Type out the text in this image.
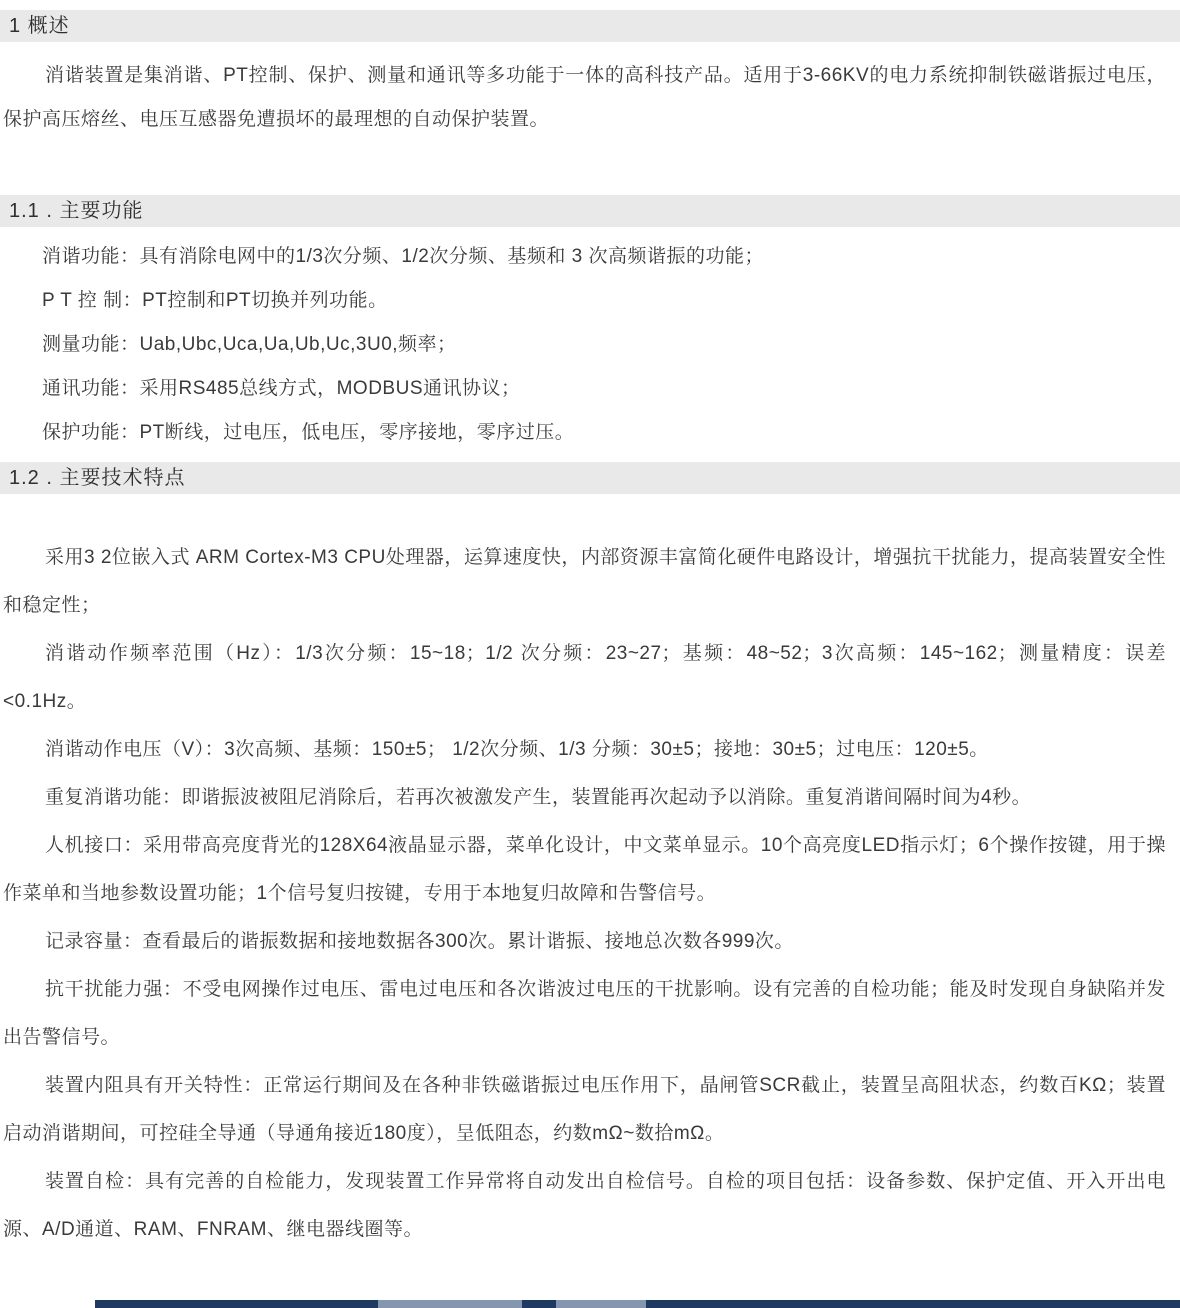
1 概述

消谐装置是集消谐、PT控制、保护、测量和通讯等多功能于一体的高科技产品。适用于3-66KV的电力系统抑制铁磁谐振过电压，保护高压熔丝、电压互感器免遭损坏的最理想的自动保护装置。

1.1 . 主要功能

消谐功能：具有消除电网中的1/3次分频、1/2次分频、基频和 3 次高频谐振的功能；

P T 控 制：PT控制和PT切换并列功能。

测量功能：Uab,Ubc,Uca,Ua,Ub,Uc,3U0,频率；

通讯功能：采用RS485总线方式，MODBUS通讯协议；

保护功能：PT断线，过电压，低电压，零序接地，零序过压。

1.2 . 主要技术特点

采用3 2位嵌入式 ARM Cortex-M3 CPU处理器，运算速度快，内部资源丰富简化硬件电路设计，增强抗干扰能力，提高装置安全性和稳定性；

消谐动作频率范围（Hz）：1/3次分频：15~18；1/2 次分频：23~27；基频：48~52；3次高频：145~162；测量精度：误差<0.1Hz。

消谐动作电压（V）：3次高频、基频：150±5； 1/2次分频、1/3 分频：30±5；接地：30±5；过电压：120±5。

重复消谐功能：即谐振波被阻尼消除后，若再次被激发产生，装置能再次起动予以消除。重复消谐间隔时间为4秒。

人机接口：采用带高亮度背光的128X64液晶显示器，菜单化设计，中文菜单显示。10个高亮度LED指示灯；6个操作按键，用于操作菜单和当地参数设置功能；1个信号复归按键，专用于本地复归故障和告警信号。

记录容量：查看最后的谐振数据和接地数据各300次。累计谐振、接地总次数各999次。

抗干扰能力强：不受电网操作过电压、雷电过电压和各次谐波过电压的干扰影响。设有完善的自检功能；能及时发现自身缺陷并发出告警信号。

装置内阻具有开关特性：正常运行期间及在各种非铁磁谐振过电压作用下，晶闸管SCR截止，装置呈高阻状态，约数百KΩ；装置启动消谐期间，可控硅全导通（导通角接近180度），呈低阻态，约数mΩ~数拾mΩ。

装置自检：具有完善的自检能力，发现装置工作异常将自动发出自检信号。自检的项目包括：设备参数、保护定值、开入开出电源、A/D通道、RAM、FNRAM、继电器线圈等。
